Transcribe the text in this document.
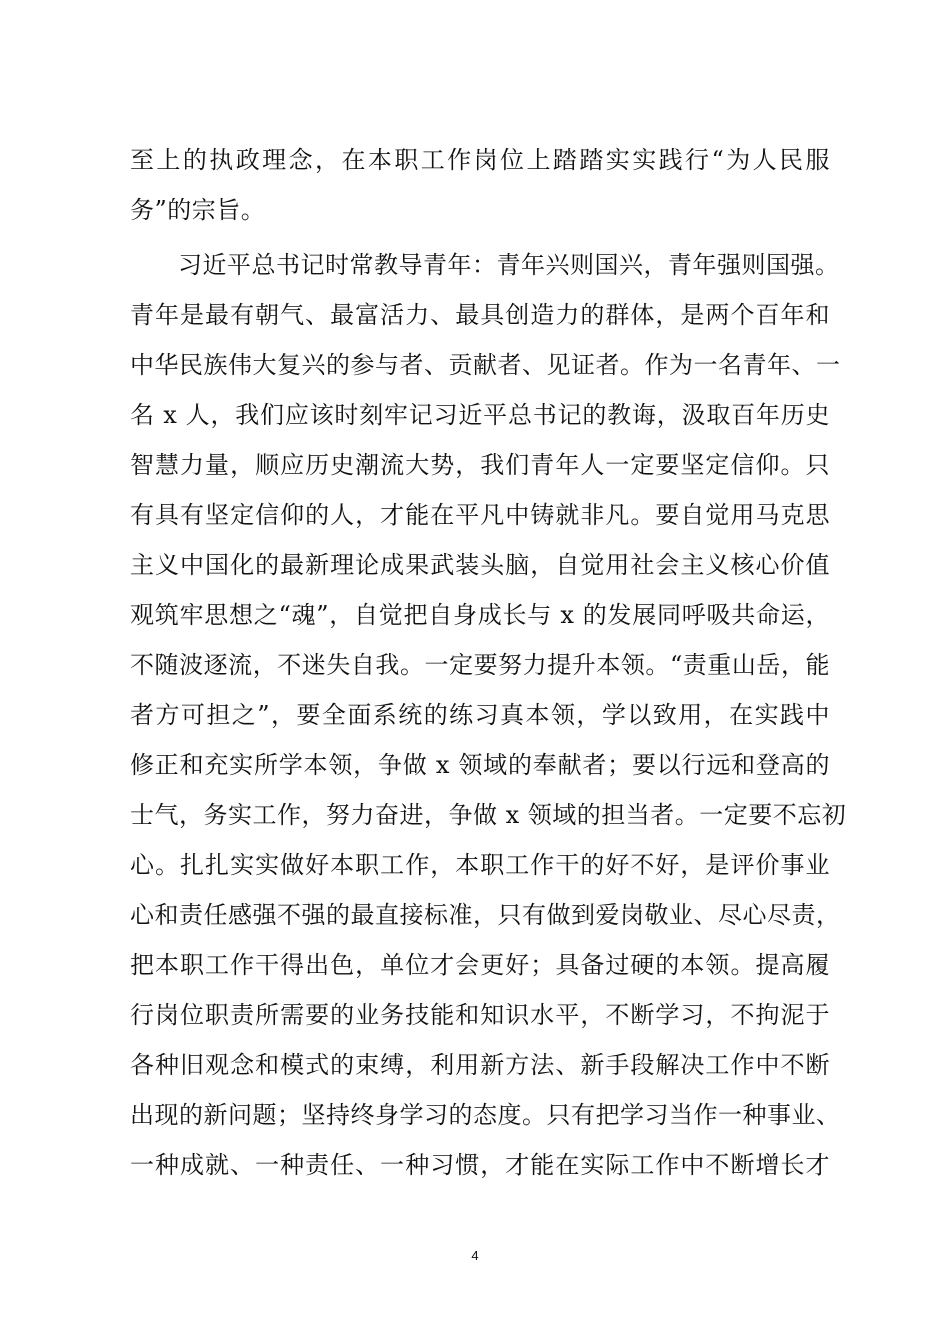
至上的执政理念，在本职工作岗位上踏踏实实践行“为人民服
务”的宗旨。
习近平总书记时常教导青年：青年兴则国兴，青年强则国强。
青年是最有朝气、最富活力、最具创造力的群体，是两个百年和
中华民族伟大复兴的参与者、贡献者、见证者。作为一名青年、一
名 x 人，我们应该时刻牢记习近平总书记的教诲，汲取百年历史
智慧力量，顺应历史潮流大势，我们青年人一定要坚定信仰。只
有具有坚定信仰的人，才能在平凡中铸就非凡。要自觉用马克思
主义中国化的最新理论成果武装头脑，自觉用社会主义核心价值
观筑牢思想之“魂”，自觉把自身成长与 x 的发展同呼吸共命运，
不随波逐流，不迷失自我。一定要努力提升本领。“责重山岳，能
者方可担之”，要全面系统的练习真本领，学以致用，在实践中
修正和充实所学本领，争做 x 领域的奉献者；要以行远和登高的
士气，务实工作，努力奋进，争做 x 领域的担当者。一定要不忘初
心。扎扎实实做好本职工作，本职工作干的好不好，是评价事业
心和责任感强不强的最直接标准，只有做到爱岗敬业、尽心尽责，
把本职工作干得出色，单位才会更好；具备过硬的本领。提高履
行岗位职责所需要的业务技能和知识水平，不断学习，不拘泥于
各种旧观念和模式的束缚，利用新方法、新手段解决工作中不断
出现的新问题；坚持终身学习的态度。只有把学习当作一种事业、
一种成就、一种责任、一种习惯，才能在实际工作中不断增长才
4
